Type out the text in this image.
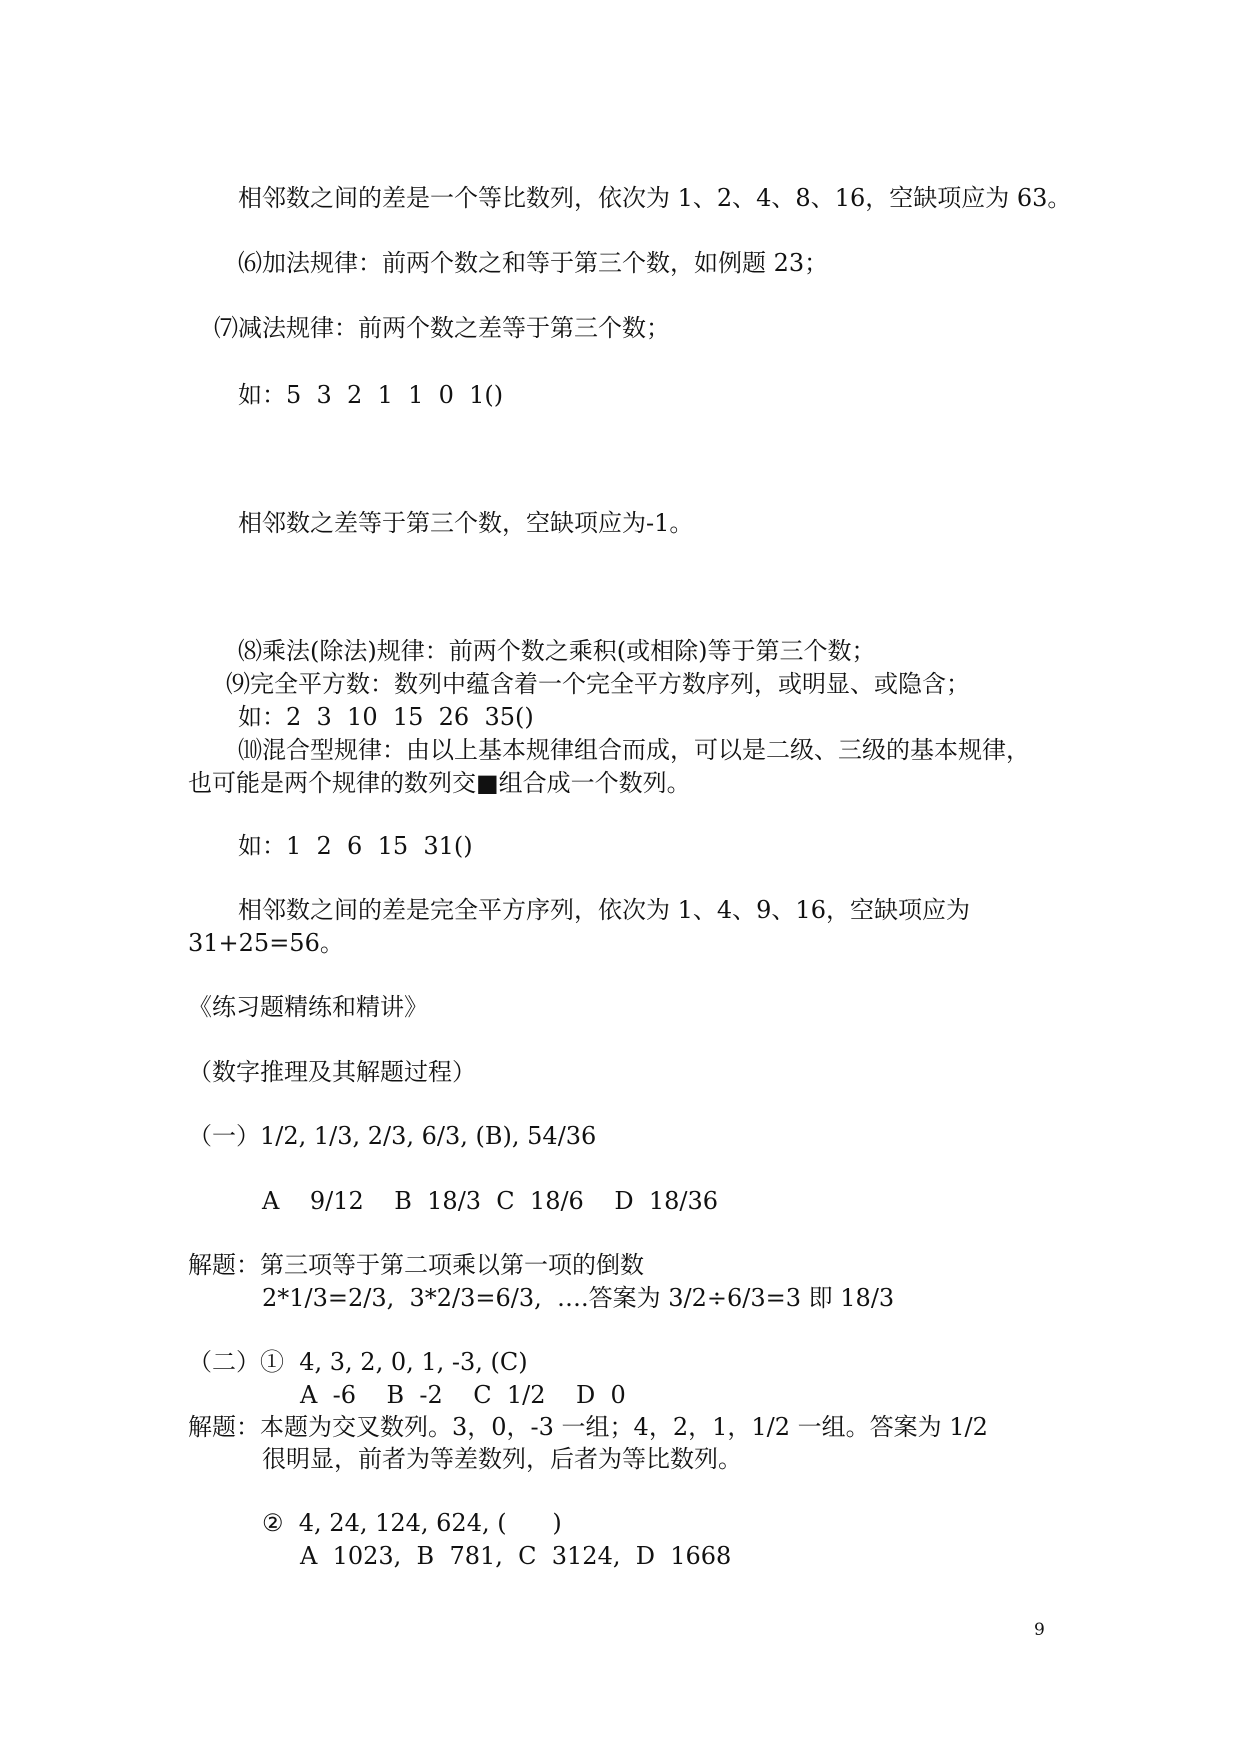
相邻数之间的差是一个等比数列，依次为 1、2、4、8、16，空缺项应为 63。
⑹加法规律：前两个数之和等于第三个数，如例题 23；
⑺减法规律：前两个数之差等于第三个数；
如：5  3  2  1  1  0  1()
相邻数之差等于第三个数，空缺项应为-1。
⑻乘法(除法)规律：前两个数之乘积(或相除)等于第三个数；
⑼完全平方数：数列中蕴含着一个完全平方数序列，或明显、或隐含；
如：2  3  10  15  26  35()
⑽混合型规律：由以上基本规律组合而成，可以是二级、三级的基本规律，
也可能是两个规律的数列交■组合成一个数列。
如：1  2  6  15  31()
相邻数之间的差是完全平方序列，依次为 1、4、9、16，空缺项应为
31+25=56。
《练习题精练和精讲》
（数字推理及其解题过程）
（一）1/2, 1/3, 2/3, 6/3, (B), 54/36
A    9/12    B  18/3  C  18/6    D  18/36
解题：第三项等于第二项乘以第一项的倒数
2*1/3=2/3,  3*2/3=6/3,  ….答案为 3/2÷6/3=3 即 18/3
（二）①  4, 3, 2, 0, 1, -3, (C)
A  -6    B  -2    C  1/2    D  0
解题：本题为交叉数列。3，0，-3 一组；4，2，1，1/2 一组。答案为 1/2
很明显，前者为等差数列，后者为等比数列。
②  4, 24, 124, 624, (      )
A  1023,  B  781,  C  3124,  D  1668
9
